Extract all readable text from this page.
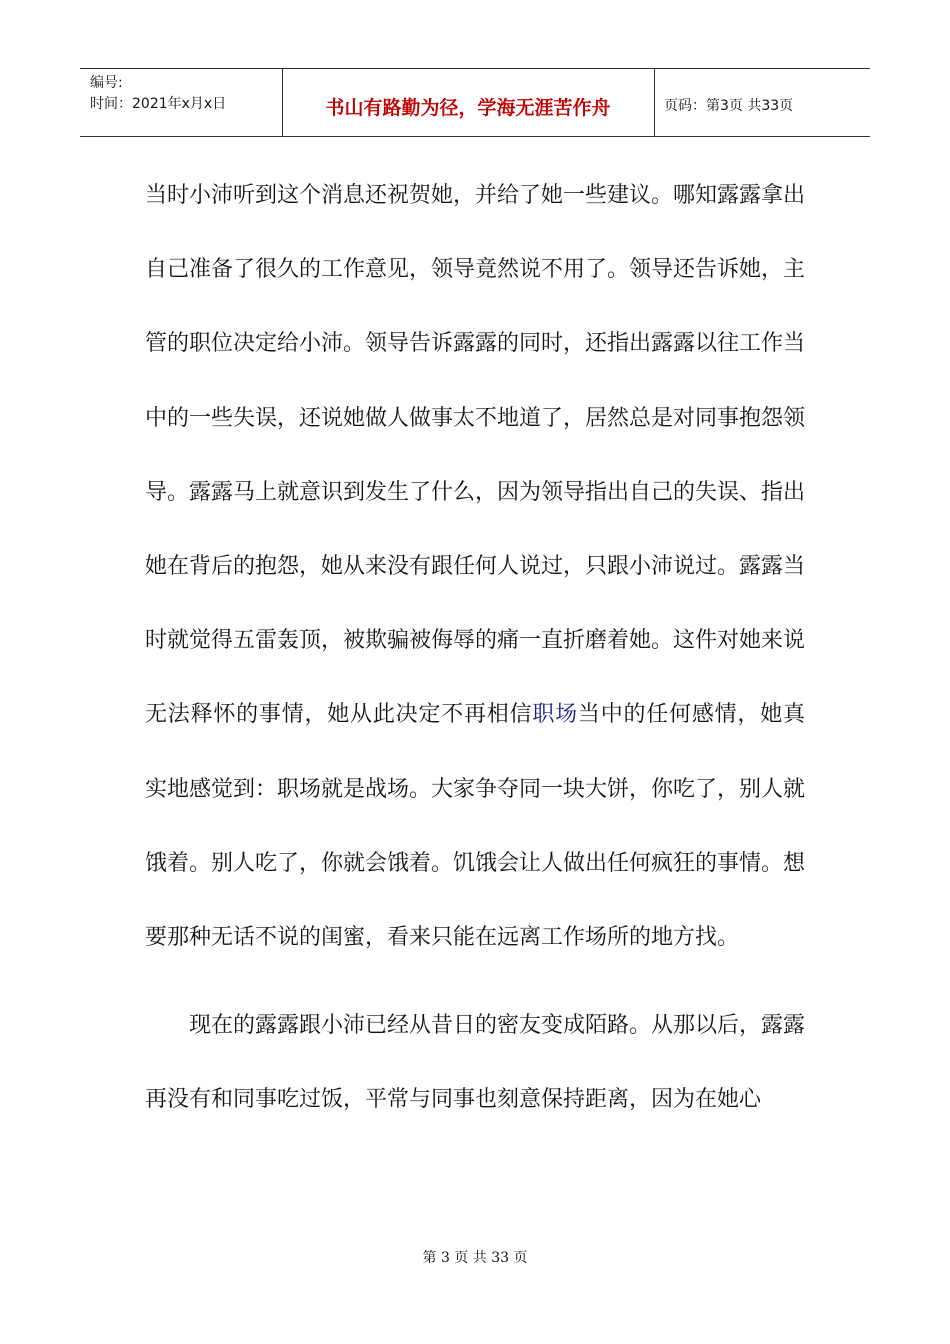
编号:
时间：2021年x月x日	书山有路勤为径，学海无涯苦作舟	页码：第3页 共33页

当时小沛听到这个消息还祝贺她，并给了她一些建议。哪知露露拿出自己准备了很久的工作意见，领导竟然说不用了。领导还告诉她，主管的职位决定给小沛。领导告诉露露的同时，还指出露露以往工作当中的一些失误，还说她做人做事太不地道了，居然总是对同事抱怨领导。露露马上就意识到发生了什么，因为领导指出自己的失误、指出她在背后的抱怨，她从来没有跟任何人说过，只跟小沛说过。露露当时就觉得五雷轰顶，被欺骗被侮辱的痛一直折磨着她。这件对她来说无法释怀的事情，她从此决定不再相信职场当中的任何感情，她真实地感觉到：职场就是战场。大家争夺同一块大饼，你吃了，别人就饿着。别人吃了，你就会饿着。饥饿会让人做出任何疯狂的事情。想要那种无话不说的闺蜜，看来只能在远离工作场所的地方找。

现在的露露跟小沛已经从昔日的密友变成陌路。从那以后，露露再没有和同事吃过饭，平常与同事也刻意保持距离，因为在她心

第 3 页 共 33 页
